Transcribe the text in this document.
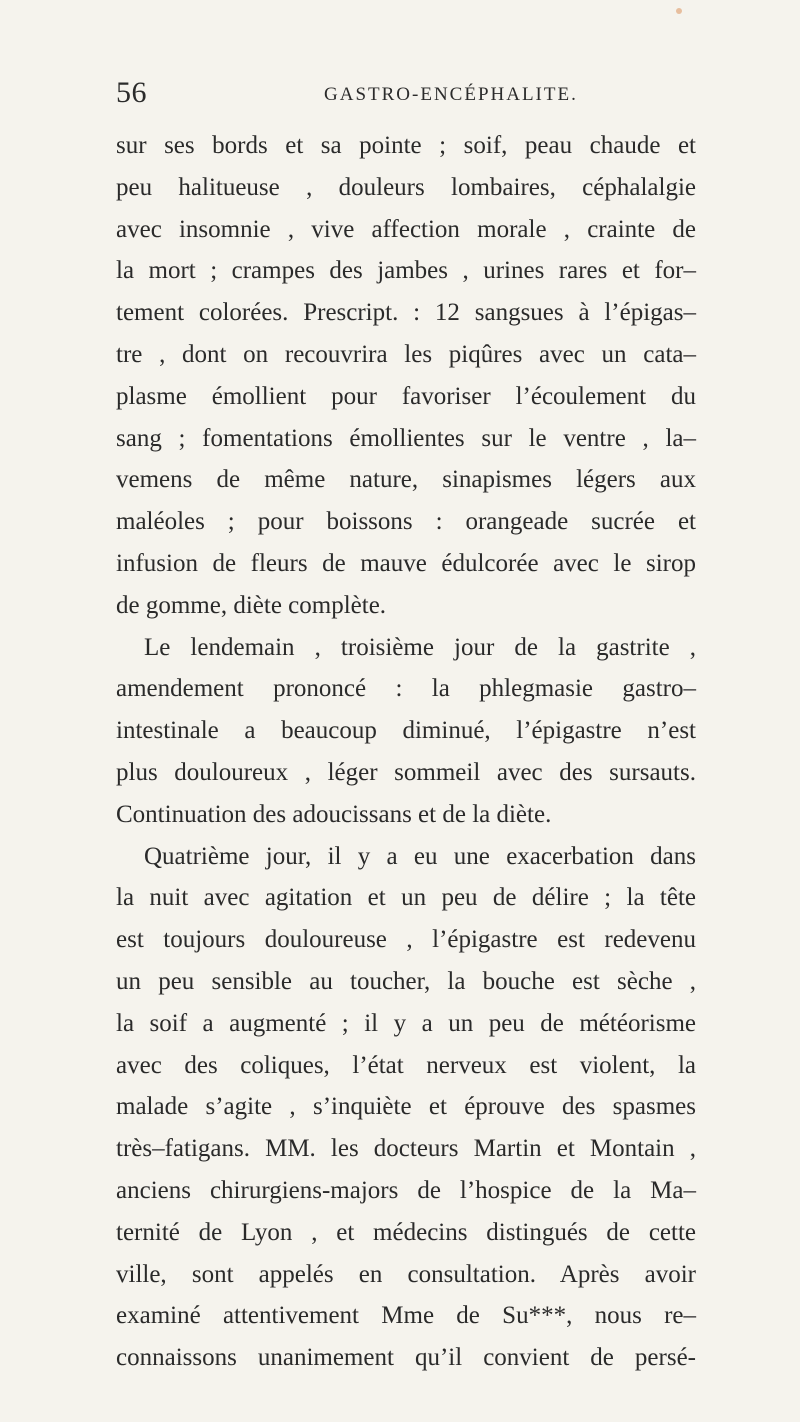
56	GASTRO-ENCÉPHALITE.
sur ses bords et sa pointe ; soif, peau chaude et
peu halitueuse , douleurs lombaires, céphalalgie
avec insomnie , vive affection morale , crainte de
la mort ; crampes des jambes , urines rares et for–
tement colorées. Prescript. : 12 sangsues à l’épigas–
tre , dont on recouvrira les piqûres avec un cata–
plasme émollient pour favoriser l’écoulement du
sang ; fomentations émollientes sur le ventre , la–
vemens de même nature, sinapismes légers aux
maléoles ; pour boissons : orangeade sucrée et
infusion de fleurs de mauve édulcorée avec le sirop
de gomme, diète complète.
Le lendemain , troisième jour de la gastrite ,
amendement prononcé : la phlegmasie gastro–
intestinale a beaucoup diminué, l’épigastre n’est
plus douloureux , léger sommeil avec des sursauts.
Continuation des adoucissans et de la diète.
Quatrième jour, il y a eu une exacerbation dans
la nuit avec agitation et un peu de délire ; la tête
est toujours douloureuse , l’épigastre est redevenu
un peu sensible au toucher, la bouche est sèche ,
la soif a augmenté ; il y a un peu de météorisme
avec des coliques, l’état nerveux est violent, la
malade s’agite , s’inquiète et éprouve des spasmes
très–fatigans. MM. les docteurs Martin et Montain ,
anciens chirurgiens-majors de l’hospice de la Ma–
ternité de Lyon , et médecins distingués de cette
ville, sont appelés en consultation. Après avoir
examiné attentivement Mme de Su***, nous re–
connaissons unanimement qu’il convient de persé-
